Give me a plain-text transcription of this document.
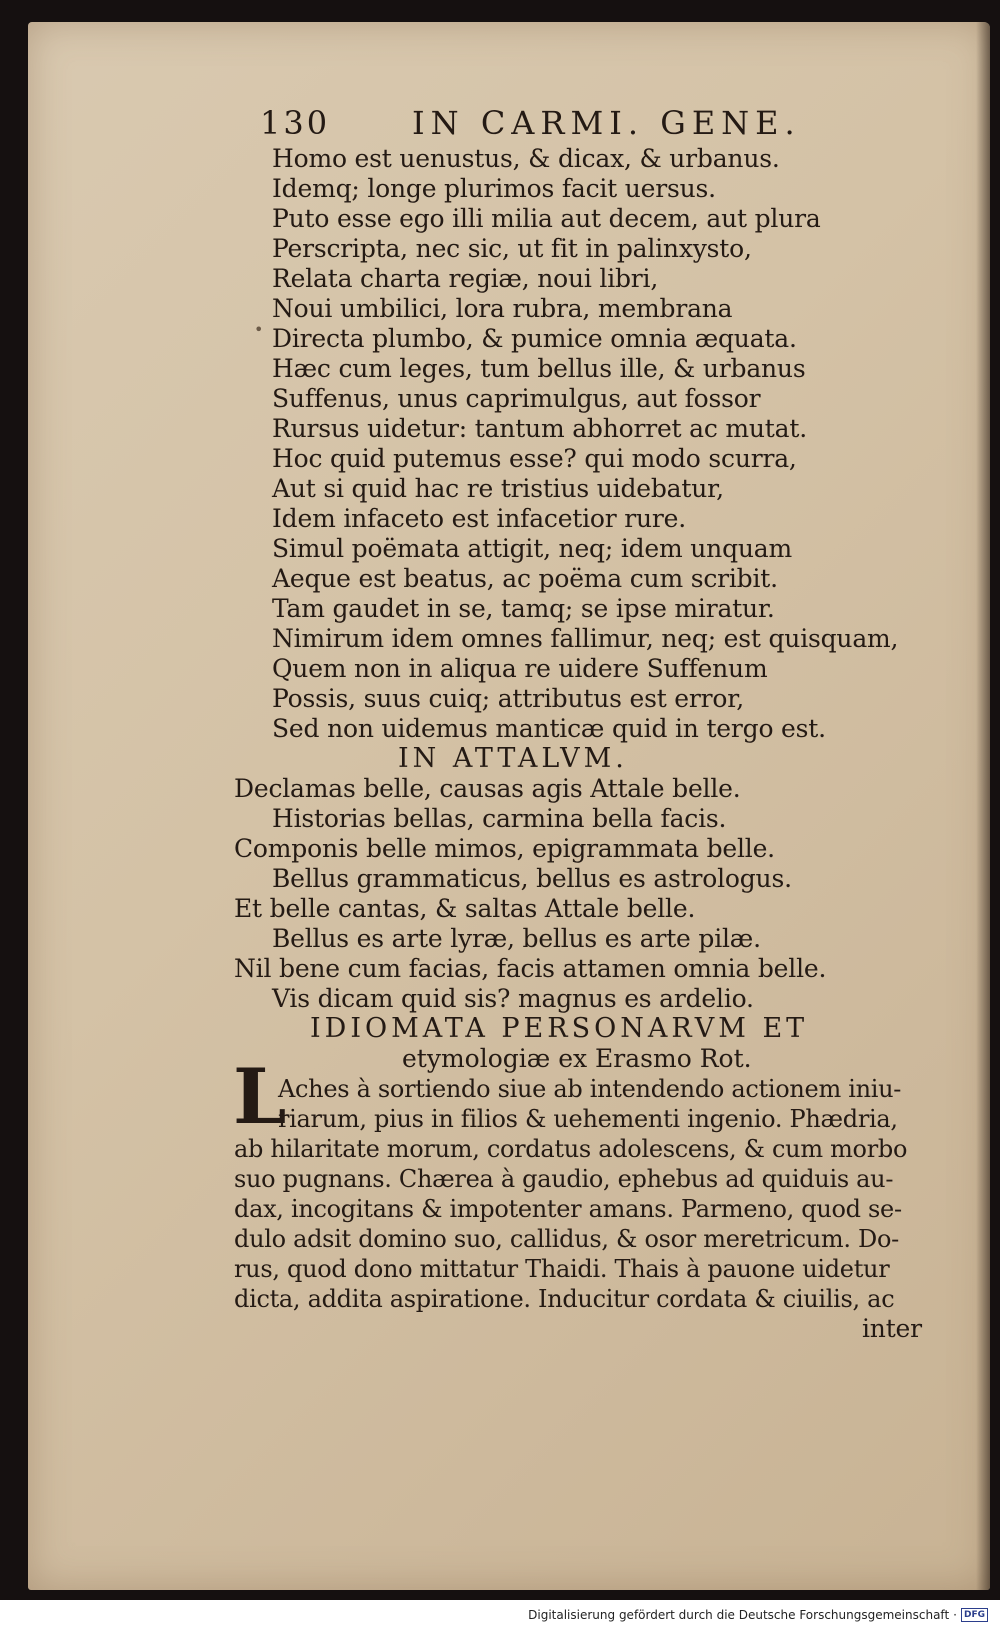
130	IN CARMI. GENE.
•
Homo est uenustus, & dicax, & urbanus.
Idemq; longe plurimos facit uersus.
Puto esse ego illi milia aut decem, aut plura
Perscripta, nec sic, ut fit in palinxysto,
Relata charta regiæ, noui libri,
Noui umbilici, lora rubra, membrana
Directa plumbo, & pumice omnia æquata.
Hæc cum leges, tum bellus ille, & urbanus
Suffenus, unus caprimulgus, aut fossor
Rursus uidetur: tantum abhorret ac mutat.
Hoc quid putemus esse? qui modo scurra,
Aut si quid hac re tristius uidebatur,
Idem infaceto est infacetior rure.
Simul poëmata attigit, neq; idem unquam
Aeque est beatus, ac poëma cum scribit.
Tam gaudet in se, tamq; se ipse miratur.
Nimirum idem omnes fallimur, neq; est quisquam,
Quem non in aliqua re uidere Suffenum
Possis, suus cuiq; attributus est error,
Sed non uidemus manticæ quid in tergo est.
IN ATTALVM.
Declamas belle, causas agis Attale belle.
Historias bellas, carmina bella facis.
Componis belle mimos, epigrammata belle.
Bellus grammaticus, bellus es astrologus.
Et belle cantas, & saltas Attale belle.
Bellus es arte lyræ, bellus es arte pilæ.
Nil bene cum facias, facis attamen omnia belle.
Vis dicam quid sis? magnus es ardelio.
IDIOMATA PERSONARVM ET
etymologiæ ex Erasmo Rot.
L
Aches à sortiendo siue ab intendendo actionem iniu-
riarum, pius in filios & uehementi ingenio. Phædria,
ab hilaritate morum, cordatus adolescens, & cum morbo
suo pugnans. Chærea à gaudio, ephebus ad quiduis au-
dax, incogitans & impotenter amans. Parmeno, quod se-
dulo adsit domino suo, callidus, & osor meretricum. Do-
rus, quod dono mittatur Thaidi. Thais à pauone uidetur
dicta, addita aspiratione. Inducitur cordata & ciuilis, ac
inter
Digitalisierung gefördert durch die Deutsche Forschungsgemeinschaft · DFG
